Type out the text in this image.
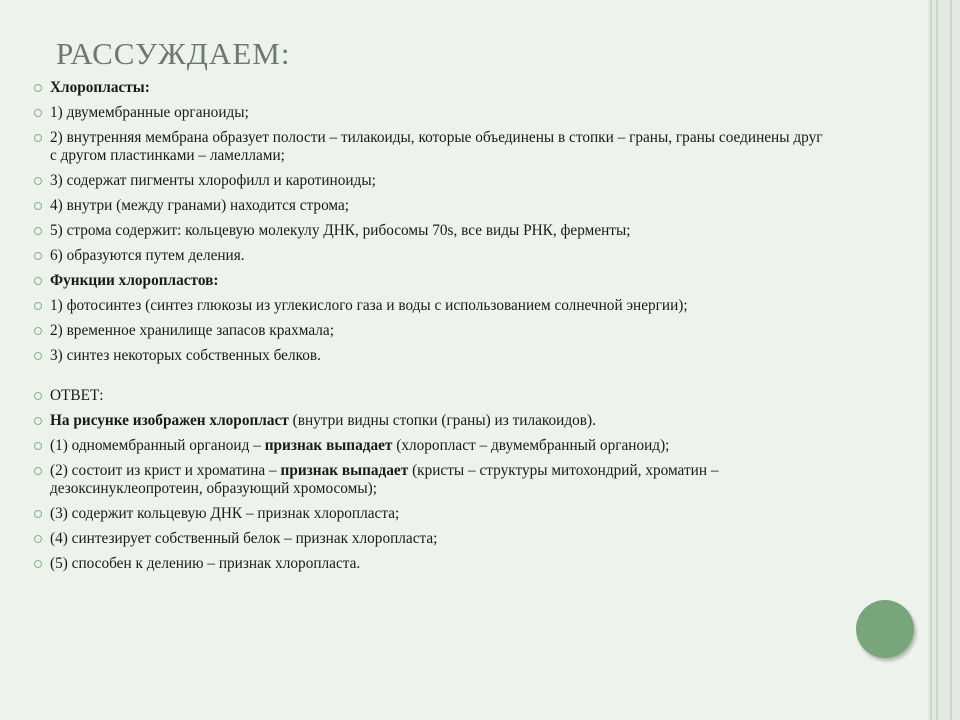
РАССУЖДАЕМ:
Хлоропласты:
1) двумембранные органоиды;
2) внутренняя мембрана образует полости – тилакоиды, которые объединены в стопки – граны, граны соединены друг с другом пластинками – ламеллами;
3) содержат пигменты хлорофилл и каротиноиды;
4) внутри (между гранами) находится строма;
5) строма содержит: кольцевую молекулу ДНК, рибосомы 70s, все виды РНК, ферменты;
6) образуются путем деления.
Функции хлоропластов:
1) фотосинтез (синтез глюкозы из углекислого газа и воды с использованием солнечной энергии);
2) временное хранилище запасов крахмала;
3) синтез некоторых собственных белков.
ОТВЕТ:
На рисунке изображен хлоропласт (внутри видны стопки (граны) из тилакоидов).
(1) одномембранный органоид – признак выпадает (хлоропласт – двумембранный органоид);
(2) состоит из крист и хроматина – признак выпадает (кристы – структуры митохондрий, хроматин – дезоксинуклеопротеин, образующий хромосомы);
(3) содержит кольцевую ДНК – признак хлоропласта;
(4) синтезирует собственный белок – признак хлоропласта;
(5) способен к делению – признак хлоропласта.
